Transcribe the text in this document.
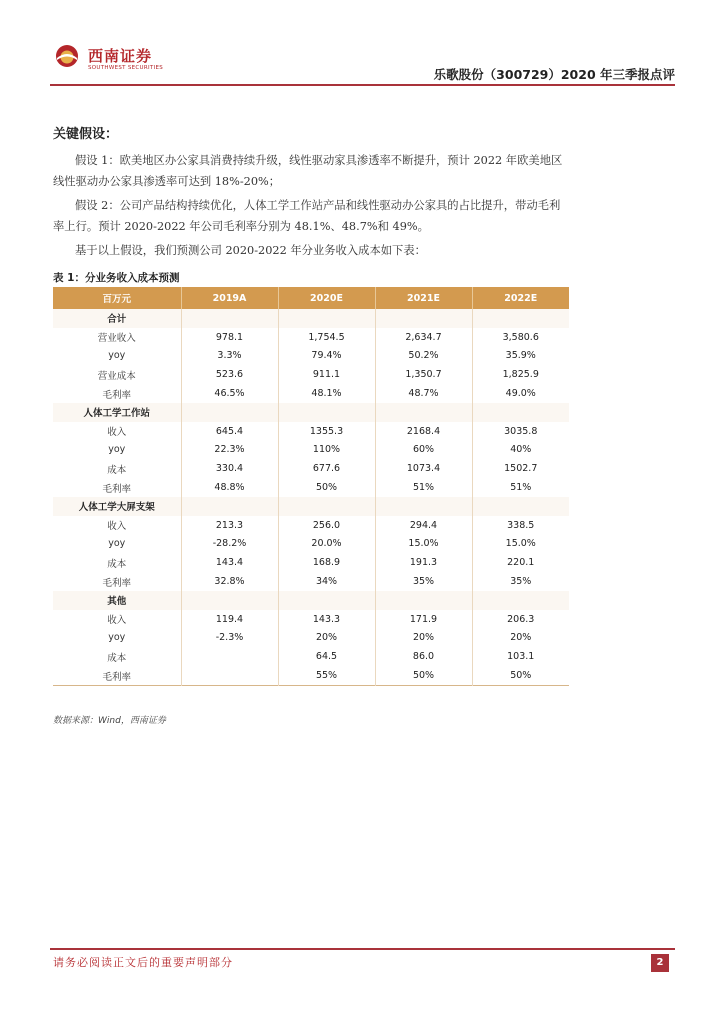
西南证券
SOUTHWEST SECURITIES	乐歌股份（300729）2020 年三季报点评
关键假设：
假设 1：欧美地区办公家具消费持续升级，线性驱动家具渗透率不断提升，预计 2022 年欧美地区线性驱动办公家具渗透率可达到 18%-20%；
假设 2：公司产品结构持续优化，人体工学工作站产品和线性驱动办公家具的占比提升，带动毛利率上行。预计 2020-2022 年公司毛利率分别为 48.1%、48.7%和 49%。
基于以上假设，我们预测公司 2020-2022 年分业务收入成本如下表：
表 1：分业务收入成本预测
百万元	2019A	2020E	2021E	2022E
合计				
营业收入	978.1	1,754.5	2,634.7	3,580.6
yoy	3.3%	79.4%	50.2%	35.9%
营业成本	523.6	911.1	1,350.7	1,825.9
毛利率	46.5%	48.1%	48.7%	49.0%
人体工学工作站				
收入	645.4	1355.3	2168.4	3035.8
yoy	22.3%	110%	60%	40%
成本	330.4	677.6	1073.4	1502.7
毛利率	48.8%	50%	51%	51%
人体工学大屏支架				
收入	213.3	256.0	294.4	338.5
yoy	-28.2%	20.0%	15.0%	15.0%
成本	143.4	168.9	191.3	220.1
毛利率	32.8%	34%	35%	35%
其他				
收入	119.4	143.3	171.9	206.3
yoy	-2.3%	20%	20%	20%
成本		64.5	86.0	103.1
毛利率		55%	50%	50%
数据来源：Wind，西南证券
请务必阅读正文后的重要声明部分	2
